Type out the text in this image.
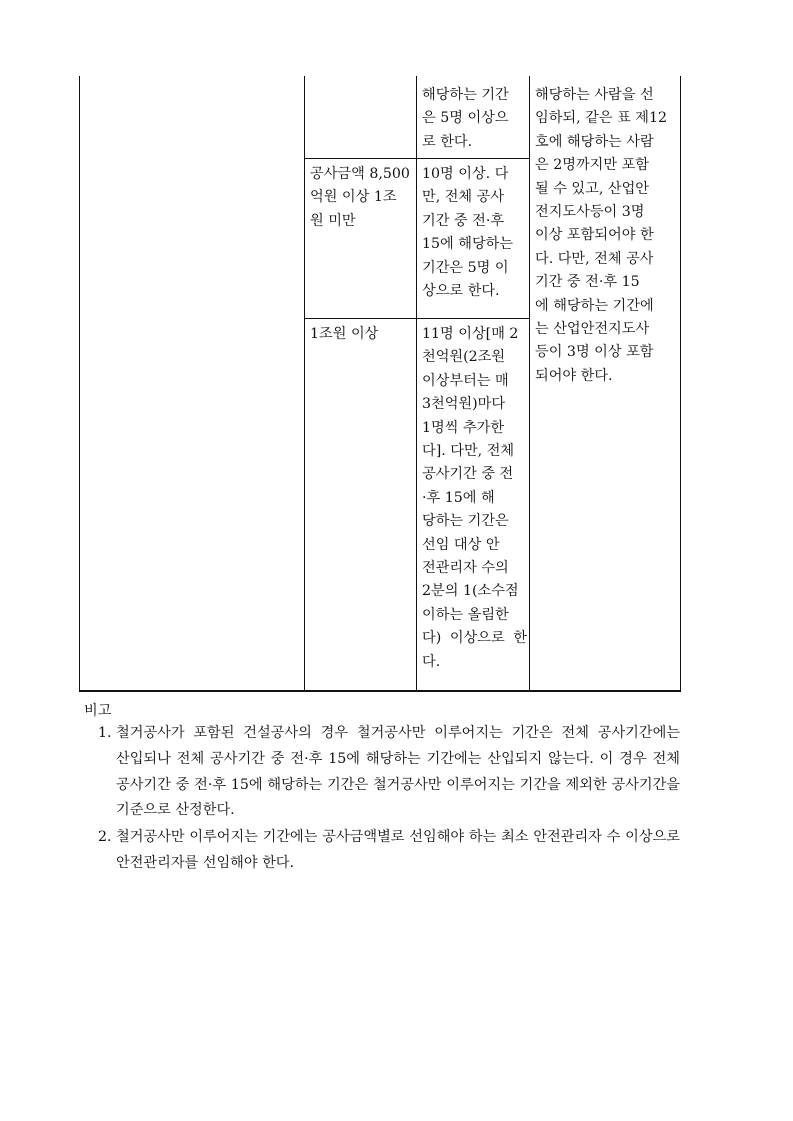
해당하는 기간
은 5명 이상으
로 한다.
공사금액 8,500
억원 이상 1조
원 미만
10명 이상. 다
만, 전체 공사
기간 중 전·후
15에 해당하는
기간은 5명 이
상으로 한다.
1조원 이상	11명 이상[매 2
천억원(2조원
이상부터는 매
3천억원)마다
1명씩 추가한
다]. 다만, 전체
공사기간 중 전
·후 15에 해
당하는 기간은
선임 대상 안
전관리자 수의
2분의 1(소수점
이하는 올림한
다) 이상으로 한다.
해당하는 사람을 선
임하되, 같은 표 제12
호에 해당하는 사람
은 2명까지만 포함
될 수 있고, 산업안
전지도사등이 3명
이상 포함되어야 한
다. 다만, 전체 공사
기간 중 전·후 15
에 해당하는 기간에
는 산업안전지도사
등이 3명 이상 포함
되어야 한다.
비고
1. 철거공사가 포함된 건설공사의 경우 철거공사만 이루어지는 기간은 전체 공사기간에는 산입되나 전체 공사기간 중 전·후 15에 해당하는 기간에는 산입되지 않는다. 이 경우 전체 공사기간 중 전·후 15에 해당하는 기간은 철거공사만 이루어지는 기간을 제외한 공사기간을 기준으로 산정한다.
2. 철거공사만 이루어지는 기간에는 공사금액별로 선임해야 하는 최소 안전관리자 수 이상으로 안전관리자를 선임해야 한다.
